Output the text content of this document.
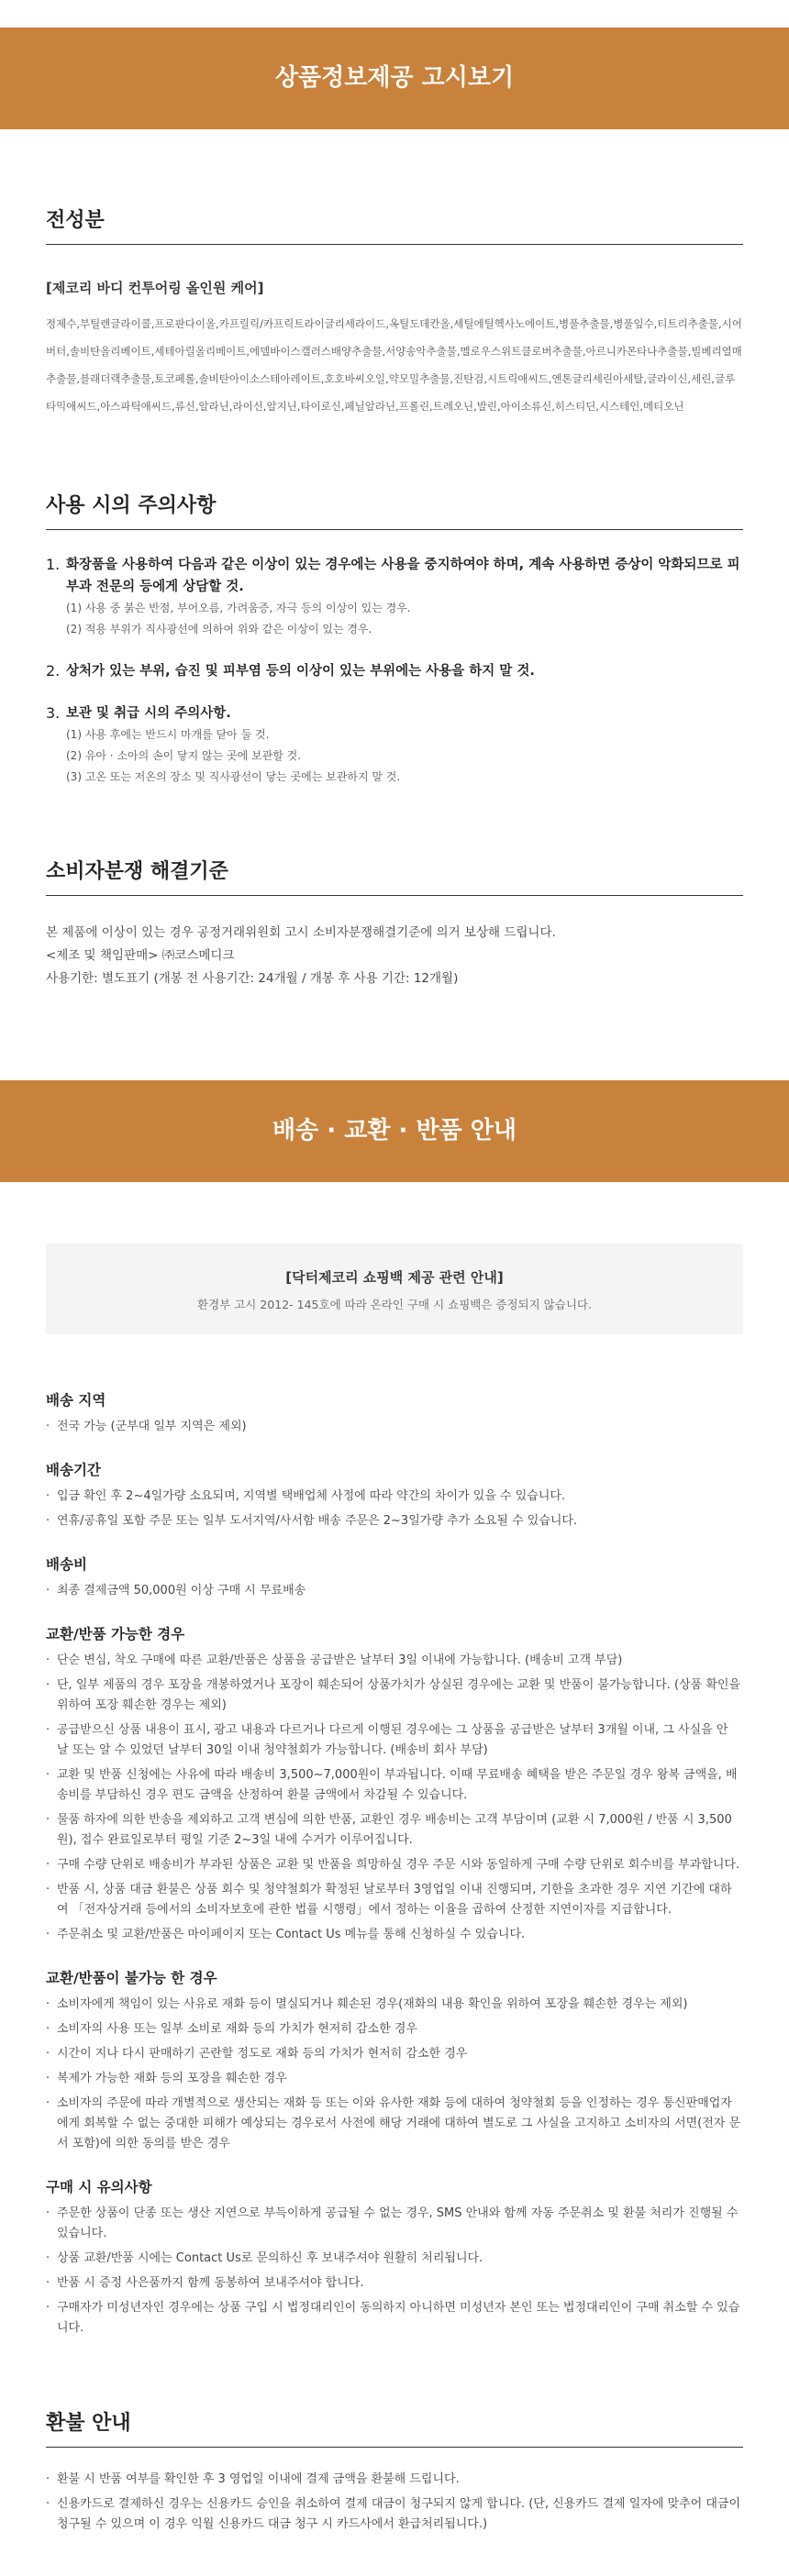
상품정보제공 고시보기
전성분
[제코리 바디 컨투어링 올인원 케어]

정제수,부틸렌글라이콜,프로판다이올,카프릴릭/카프릭트라이글리세라이드,옥틸도데칸올,세틸에틸헥사노에이트,병풀추출물,병풀잎수,티트리추출물,시어버터,솔비탄올리베이트,세테아릴올리베이트,에델바이스캘러스배양추출물,서양송악추출물,멜로우스위트클로버추출물,아르니카몬타나추출물,빌베리열매추출물,블래더랙추출물,토코페롤,솔비탄아이소스테아레이트,호호바씨오일,약모밀추출물,진탄검,시트릭애씨드,엔톤글리세린아세탈,글라이신,세린,글루타믹애씨드,아스파틱애씨드,류신,알라닌,라이신,알지닌,타이로신,페닐알라닌,프롤린,트레오닌,발린,아이소류신,히스티딘,시스테인,메티오닌

사용 시의 주의사항
1. 화장품을 사용하여 다음과 같은 이상이 있는 경우에는 사용을 중지하여야 하며, 계속 사용하면 증상이 악화되므로 피부과 전문의 등에게 상담할 것.
(1) 사용 중 붉은 반점, 부어오름, 가려움증, 자극 등의 이상이 있는 경우.
(2) 적용 부위가 직사광선에 의하여 위와 같은 이상이 있는 경우.
2. 상처가 있는 부위, 습진 및 피부염 등의 이상이 있는 부위에는 사용을 하지 말 것.
3. 보관 및 취급 시의 주의사항.
(1) 사용 후에는 반드시 마개를 닫아 둘 것.
(2) 유아 · 소아의 손이 닿지 않는 곳에 보관할 것.
(3) 고온 또는 저온의 장소 및 직사광선이 닿는 곳에는 보관하지 말 것.
소비자분쟁 해결기준

본 제품에 이상이 있는 경우 공정거래위원회 고시 소비자분쟁해결기준에 의거 보상해 드립니다.
<제조 및 책임판매> ㈜코스메디크
사용기한: 별도표기 (개봉 전 사용기간: 24개월 / 개봉 후 사용 기간: 12개월)

배송 · 교환 · 반품 안내
[닥터제코리 쇼핑백 제공 관련 안내]
환경부 고시 2012- 145호에 따라 온라인 구매 시 쇼핑백은 증정되지 않습니다.
배송 지역
· 전국 가능 (군부대 일부 지역은 제외)
배송기간
· 입금 확인 후 2~4일가량 소요되며, 지역별 택배업체 사정에 따라 약간의 차이가 있을 수 있습니다.
· 연휴/공휴일 포함 주문 또는 일부 도서지역/사서함 배송 주문은 2~3일가량 추가 소요될 수 있습니다.
배송비
· 최종 결제금액 50,000원 이상 구매 시 무료배송
교환/반품 가능한 경우
· 단순 변심, 착오 구매에 따른 교환/반품은 상품을 공급받은 날부터 3일 이내에 가능합니다. (배송비 고객 부담)
· 단, 일부 제품의 경우 포장을 개봉하였거나 포장이 훼손되어 상품가치가 상실된 경우에는 교환 및 반품이 불가능합니다. (상품 확인을 위하여 포장 훼손한 경우는 제외)
· 공급받으신 상품 내용이 표시, 광고 내용과 다르거나 다르게 이행된 경우에는 그 상품을 공급받은 날부터 3개월 이내, 그 사실을 안 날 또는 알 수 있었던 날부터 30일 이내 청약철회가 가능합니다. (배송비 회사 부담)
· 교환 및 반품 신청에는 사유에 따라 배송비 3,500~7,000원이 부과됩니다. 이때 무료배송 혜택을 받은 주문일 경우 왕복 금액을, 배송비를 부담하신 경우 편도 금액을 산정하여 환불 금액에서 차감될 수 있습니다.
· 물품 하자에 의한 반송을 제외하고 고객 변심에 의한 반품, 교환인 경우 배송비는 고객 부담이며 (교환 시 7,000원 / 반품 시 3,500원), 접수 완료일로부터 평일 기준 2~3일 내에 수거가 이루어집니다.
· 구매 수량 단위로 배송비가 부과된 상품은 교환 및 반품을 희망하실 경우 주문 시와 동일하게 구매 수량 단위로 회수비를 부과합니다.
· 반품 시, 상품 대금 환불은 상품 회수 및 청약철회가 확정된 날로부터 3영업일 이내 진행되며, 기한을 초과한 경우 지연 기간에 대하여 「전자상거래 등에서의 소비자보호에 관한 법률 시행령」에서 정하는 이율을 곱하여 산정한 지연이자를 지급합니다.
· 주문취소 및 교환/반품은 마이페이지 또는 Contact Us 메뉴를 통해 신청하실 수 있습니다.
교환/반품이 불가능 한 경우
· 소비자에게 책임이 있는 사유로 재화 등이 멸실되거나 훼손된 경우(재화의 내용 확인을 위하여 포장을 훼손한 경우는 제외)
· 소비자의 사용 또는 일부 소비로 재화 등의 가치가 현저히 감소한 경우
· 시간이 지나 다시 판매하기 곤란할 정도로 재화 등의 가치가 현저히 감소한 경우
· 복제가 가능한 재화 등의 포장을 훼손한 경우
· 소비자의 주문에 따라 개별적으로 생산되는 재화 등 또는 이와 유사한 재화 등에 대하여 청약철회 등을 인정하는 경우 통신판매업자에게 회복할 수 없는 중대한 피해가 예상되는 경우로서 사전에 해당 거래에 대하여 별도로 그 사실을 고지하고 소비자의 서면(전자 문서 포함)에 의한 동의를 받은 경우
구매 시 유의사항
· 주문한 상품이 단종 또는 생산 지연으로 부득이하게 공급될 수 없는 경우, SMS 안내와 함께 자동 주문취소 및 환불 처리가 진행될 수 있습니다.
· 상품 교환/반품 시에는 Contact Us로 문의하신 후 보내주셔야 원활히 처리됩니다.
· 반품 시 증정 사은품까지 함께 동봉하여 보내주셔야 합니다.
· 구매자가 미성년자인 경우에는 상품 구입 시 법정대리인이 동의하지 아니하면 미성년자 본인 또는 법정대리인이 구매 취소할 수 있습니다.
환불 안내
· 환불 시 반품 여부를 확인한 후 3 영업일 이내에 결제 금액을 환불해 드립니다.
· 신용카드로 결제하신 경우는 신용카드 승인을 취소하여 결제 대금이 청구되지 않게 합니다. (단, 신용카드 결제 일자에 맞추어 대금이 청구될 수 있으며 이 경우 익월 신용카드 대금 청구 시 카드사에서 환급처리됩니다.)
